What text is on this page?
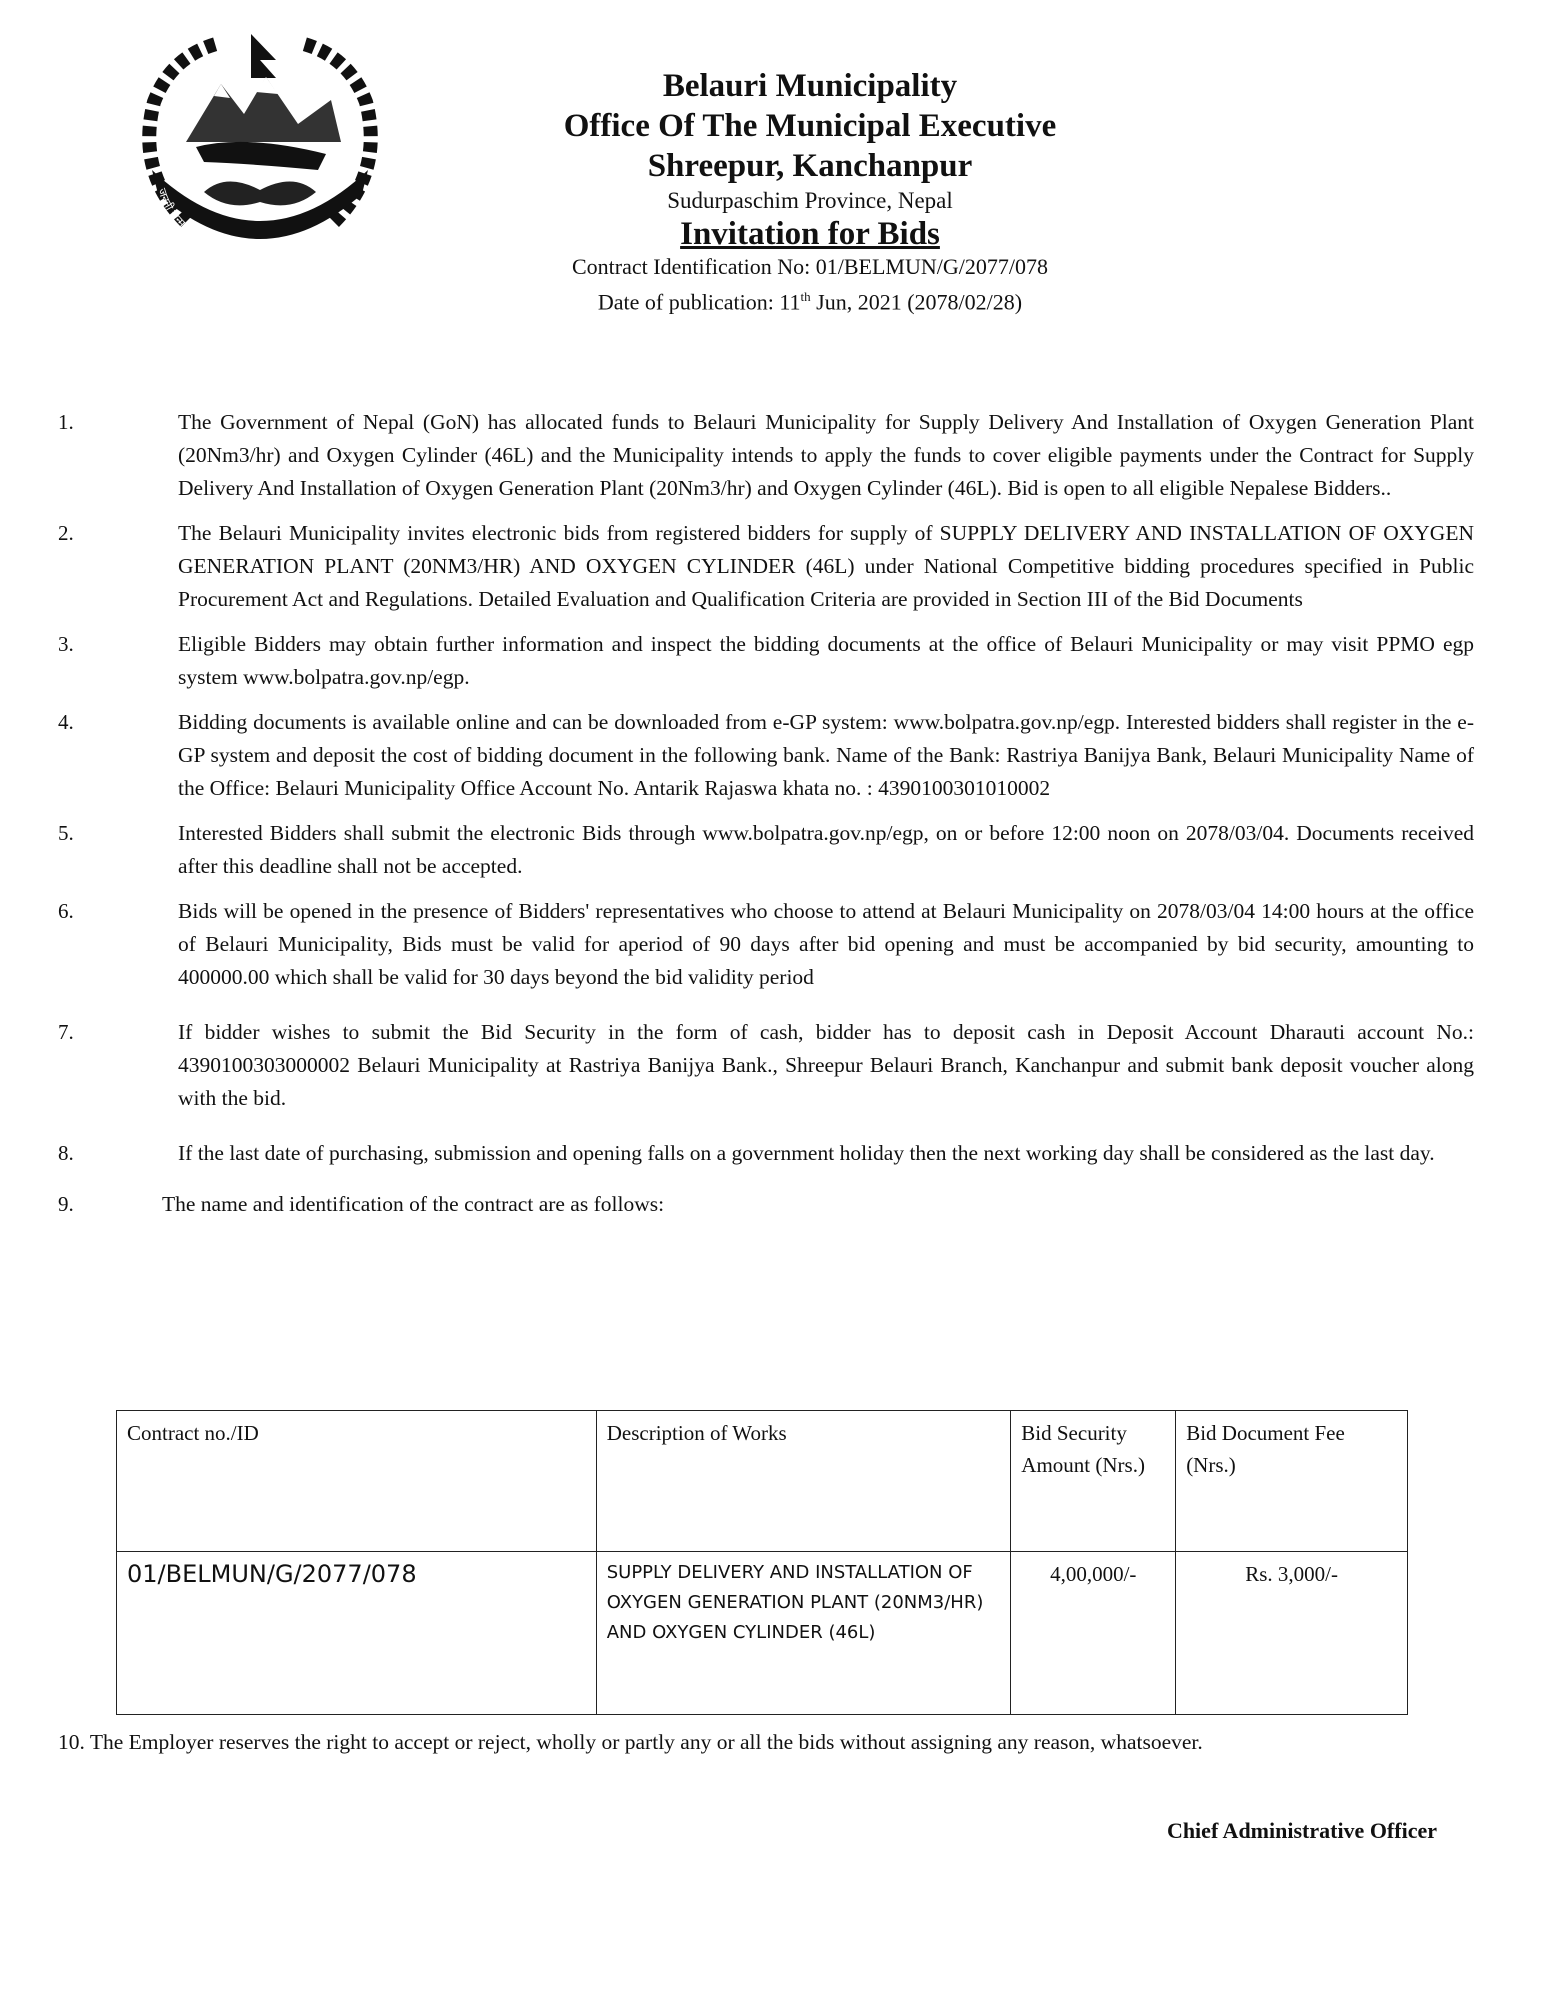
जननी जन्मभूमिश्च स्वर्गादपि गरीयसी
Belauri Municipality
Office Of The Municipal Executive
Shreepur, Kanchanpur
Sudurpaschim Province, Nepal
Invitation for Bids
Contract Identification No: 01/BELMUN/G/2077/078
Date of publication: 11th Jun, 2021 (2078/02/28)
1.	The Government of Nepal (GoN) has allocated funds to Belauri Municipality for Supply Delivery And Installation of Oxygen Generation Plant (20Nm3/hr) and Oxygen Cylinder (46L) and the Municipality intends to apply the funds to cover eligible payments under the Contract for Supply Delivery And Installation of Oxygen Generation Plant (20Nm3/hr) and Oxygen Cylinder (46L). Bid is open to all eligible Nepalese Bidders..
2.	The Belauri Municipality invites electronic bids from registered bidders for supply of SUPPLY DELIVERY AND INSTALLATION OF OXYGEN GENERATION PLANT (20NM3/HR) AND OXYGEN CYLINDER (46L) under National Competitive bidding procedures specified in Public Procurement Act and Regulations. Detailed Evaluation and Qualification Criteria are provided in Section III of the Bid Documents
3.	Eligible Bidders may obtain further information and inspect the bidding documents at the office of Belauri Municipality or may visit PPMO egp system www.bolpatra.gov.np/egp.
4.	Bidding documents is available online and can be downloaded from e-GP system: www.bolpatra.gov.np/egp. Interested bidders shall register in the e-GP system and deposit the cost of bidding document in the following bank. Name of the Bank: Rastriya Banijya Bank, Belauri Municipality Name of the Office: Belauri Municipality Office Account No. Antarik Rajaswa khata no. : 4390100301010002
5.	Interested Bidders shall submit the electronic Bids through www.bolpatra.gov.np/egp, on or before 12:00 noon on 2078/03/04. Documents received after this deadline shall not be accepted.
6.	Bids will be opened in the presence of Bidders' representatives who choose to attend at Belauri Municipality on 2078/03/04 14:00 hours at the office of Belauri Municipality, Bids must be valid for aperiod of 90 days after bid opening and must be accompanied by bid security, amounting to 400000.00 which shall be valid for 30 days beyond the bid validity period
7.	If bidder wishes to submit the Bid Security in the form of cash, bidder has to deposit cash in Deposit Account Dharauti account No.: 4390100303000002 Belauri Municipality at Rastriya Banijya Bank., Shreepur Belauri Branch, Kanchanpur and submit bank deposit voucher along with the bid.
8.	If the last date of purchasing, submission and opening falls on a government holiday then the next working day shall be considered as the last day.
9.	The name and identification of the contract are as follows:
Contract no./ID	Description of Works	Bid Security Amount (Nrs.)	Bid Document Fee (Nrs.)
01/BELMUN/G/2077/078	SUPPLY DELIVERY AND INSTALLATION OF OXYGEN GENERATION PLANT (20NM3/HR) AND OXYGEN CYLINDER (46L)	4,00,000/-	Rs. 3,000/-
10. The Employer reserves the right to accept or reject, wholly or partly any or all the bids without assigning any reason, whatsoever.
Chief Administrative Officer
